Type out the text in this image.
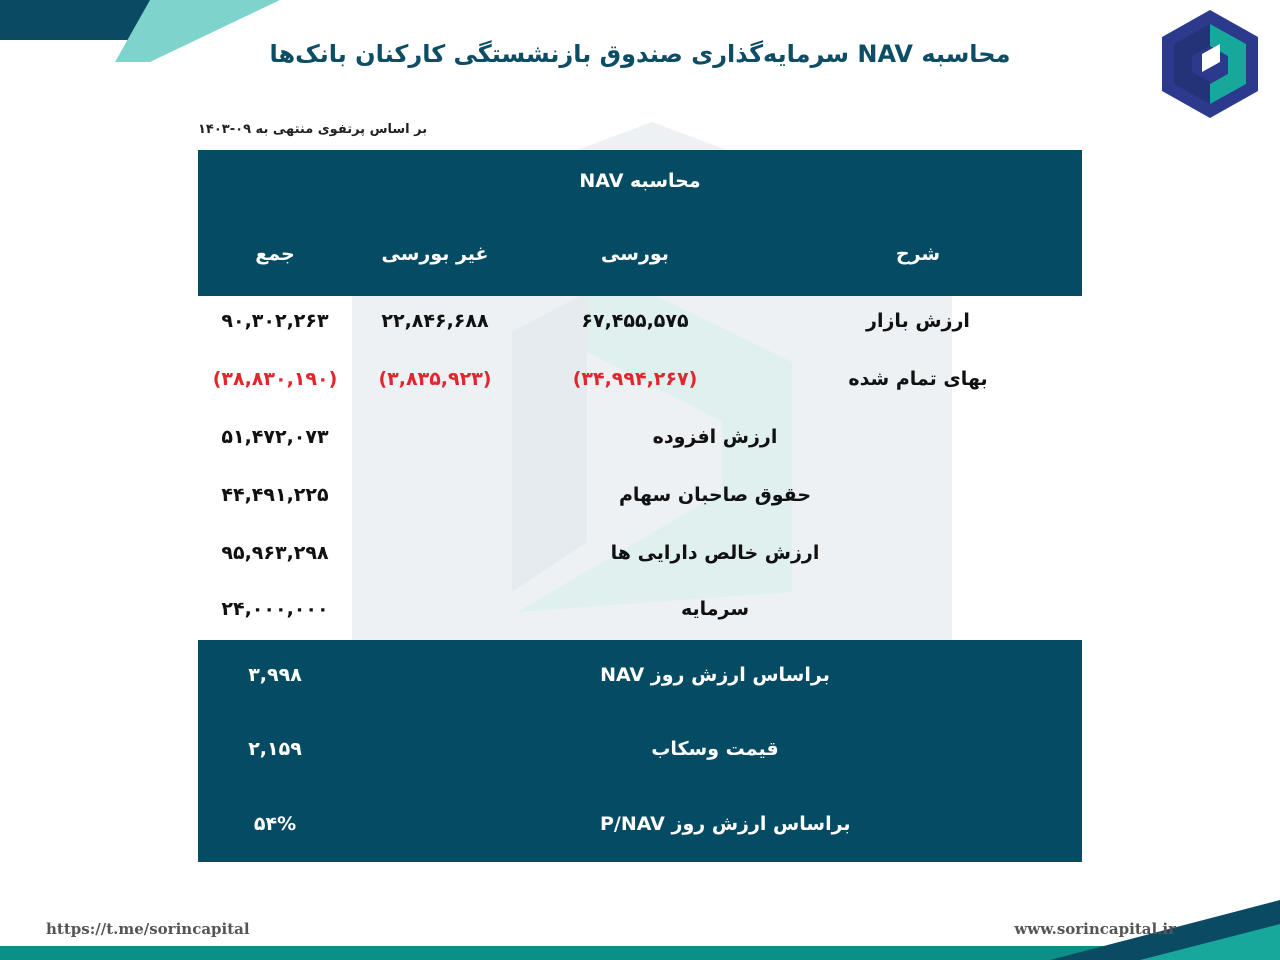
محاسبه NAV سرمایه‌گذاری صندوق بازنشستگی کارکنان بانک‌ها
بر اساس پرتفوی منتهی به ۰۹-۱۴۰۳
محاسبه NAV
شرح
بورسی
غیر بورسی
جمع
ارزش بازار
۶۷,۴۵۵,۵۷۵
۲۲,۸۴۶,۶۸۸
۹۰,۳۰۲,۲۶۳
بهای تمام شده
(۳۴,۹۹۴,۲۶۷)
(۳,۸۳۵,۹۲۳)
(۳۸,۸۳۰,۱۹۰)
ارزش افزوده
۵۱,۴۷۲,۰۷۳
حقوق صاحبان سهام
۴۴,۴۹۱,۲۲۵
ارزش خالص دارایی ها
۹۵,۹۶۳,۲۹۸
سرمایه
۲۴,۰۰۰,۰۰۰
NAV براساس ارزش روز
۳,۹۹۸
قیمت وسکاب
۲,۱۵۹
P/NAV براساس ارزش روز
۵۴%
https://t.me/sorincapital	www.sorincapital.ir
